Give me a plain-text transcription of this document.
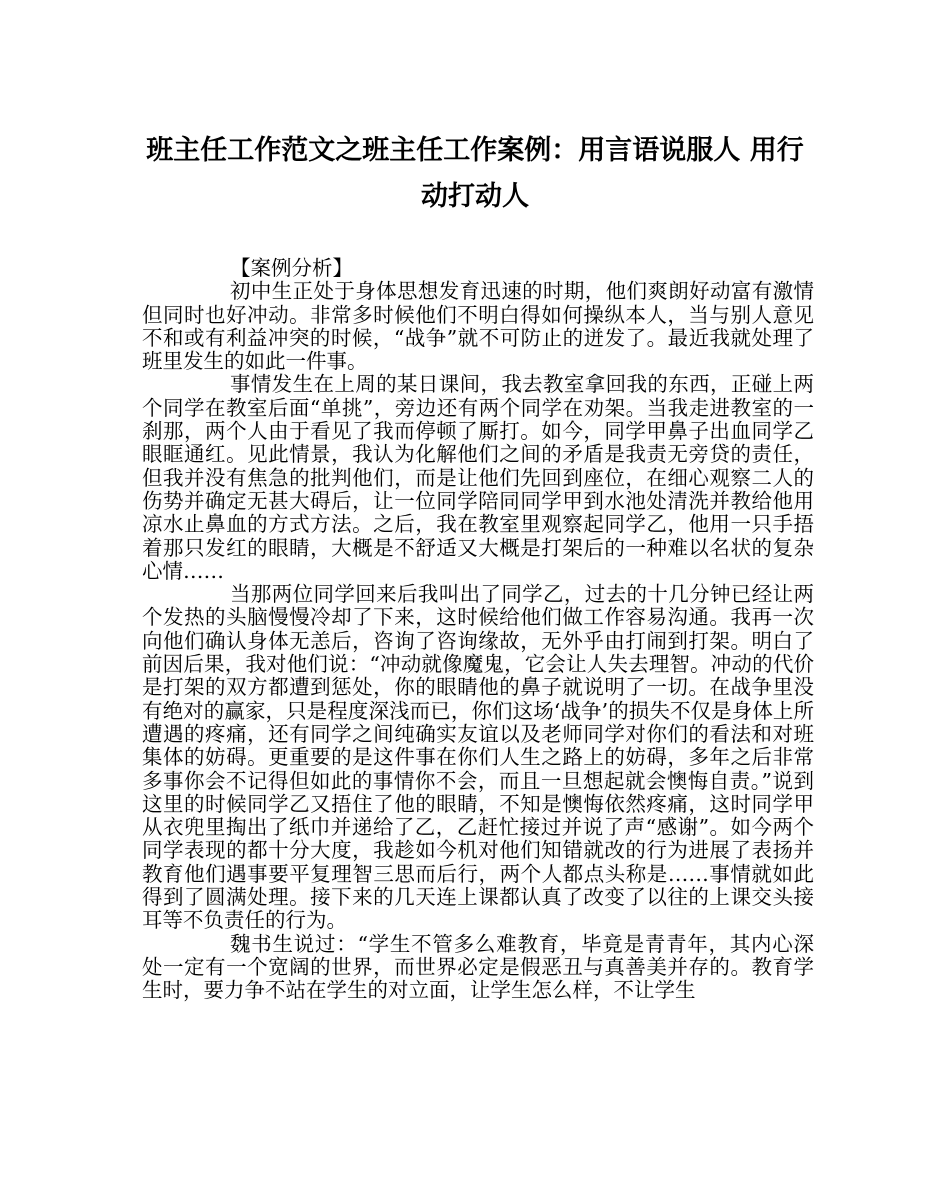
班主任工作范文之班主任工作案例：用言语说服人 用行动打动人

【案例分析】

初中生正处于身体思想发育迅速的时期，他们爽朗好动富有激情但同时也好冲动。非常多时候他们不明白得如何操纵本人，当与别人意见不和或有利益冲突的时候，“战争”就不可防止的迸发了。最近我就处理了班里发生的如此一件事。

事情发生在上周的某日课间，我去教室拿回我的东西，正碰上两个同学在教室后面“单挑”，旁边还有两个同学在劝架。当我走进教室的一刹那，两个人由于看见了我而停顿了厮打。如今，同学甲鼻子出血同学乙眼眶通红。见此情景，我认为化解他们之间的矛盾是我责无旁贷的责任，但我并没有焦急的批判他们，而是让他们先回到座位，在细心观察二人的伤势并确定无甚大碍后，让一位同学陪同同学甲到水池处清洗并教给他用凉水止鼻血的方式方法。之后，我在教室里观察起同学乙，他用一只手捂着那只发红的眼睛，大概是不舒适又大概是打架后的一种难以名状的复杂心情……

当那两位同学回来后我叫出了同学乙，过去的十几分钟已经让两个发热的头脑慢慢冷却了下来，这时候给他们做工作容易沟通。我再一次向他们确认身体无恙后，咨询了咨询缘故，无外乎由打闹到打架。明白了前因后果，我对他们说：“冲动就像魔鬼，它会让人失去理智。冲动的代价是打架的双方都遭到惩处，你的眼睛他的鼻子就说明了一切。在战争里没有绝对的赢家，只是程度深浅而已，你们这场‘战争’的损失不仅是身体上所遭遇的疼痛，还有同学之间纯确实友谊以及老师同学对你们的看法和对班集体的妨碍。更重要的是这件事在你们人生之路上的妨碍，多年之后非常多事你会不记得但如此的事情你不会，而且一旦想起就会懊悔自责。”说到这里的时候同学乙又捂住了他的眼睛，不知是懊悔依然疼痛，这时同学甲从衣兜里掏出了纸巾并递给了乙，乙赶忙接过并说了声“感谢”。如今两个同学表现的都十分大度，我趁如今机对他们知错就改的行为进展了表扬并教育他们遇事要平复理智三思而后行，两个人都点头称是……事情就如此得到了圆满处理。接下来的几天连上课都认真了改变了以往的上课交头接耳等不负责任的行为。

魏书生说过：“学生不管多么难教育，毕竟是青青年，其内心深处一定有一个宽阔的世界，而世界必定是假恶丑与真善美并存的。教育学生时，要力争不站在学生的对立面，让学生怎么样，不让学生
